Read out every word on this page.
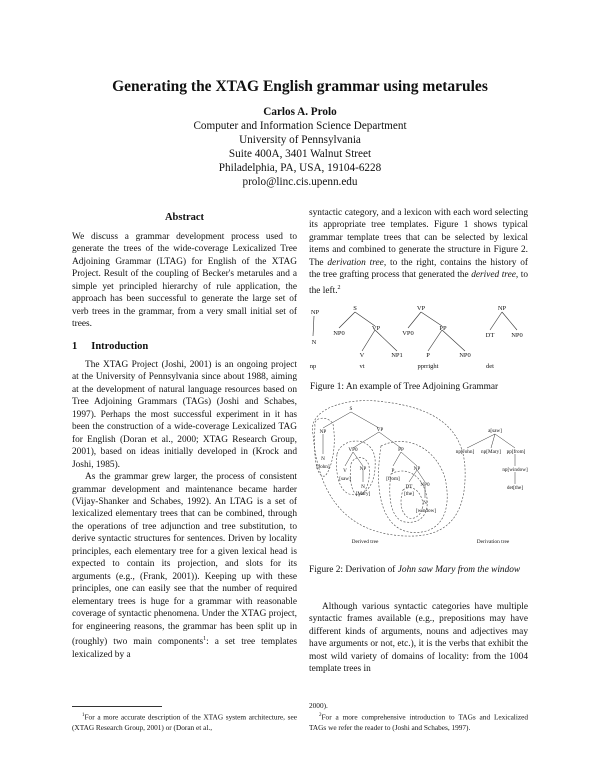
Generating the XTAG English grammar using metarules
Carlos A. Prolo
Computer and Information Science Department
University of Pennsylvania
Suite 400A, 3401 Walnut Street
Philadelphia, PA, USA, 19104-6228
prolo@linc.cis.upenn.edu
Abstract

We discuss a grammar development process used to generate the trees of the wide-coverage Lexicalized Tree Adjoining Grammar (LTAG) for English of the XTAG Project. Result of the coupling of Becker's metarules and a simple yet principled hierarchy of rule application, the approach has been successful to generate the large set of verb trees in the grammar, from a very small initial set of trees.

1 Introduction

The XTAG Project (Joshi, 2001) is an ongoing project at the University of Pennsylvania since about 1988, aiming at the development of natural language resources based on Tree Adjoining Grammars (TAGs) (Joshi and Schabes, 1997). Perhaps the most successful experiment in it has been the construction of a wide-coverage Lexicalized TAG for English (Doran et al., 2000; XTAG Research Group, 2001), based on ideas initially developed in (Krock and Joshi, 1985).

As the grammar grew larger, the process of consistent grammar development and maintenance became harder (Vijay-Shanker and Schabes, 1992). An LTAG is a set of lexicalized elementary trees that can be combined, through the operations of tree adjunction and tree substitution, to derive syntactic structures for sentences. Driven by locality principles, each elementary tree for a given lexical head is expected to contain its projection, and slots for its arguments (e.g., (Frank, 2001)). Keeping up with these principles, one can easily see that the number of required elementary trees is huge for a grammar with reasonable coverage of syntactic phenomena. Under the XTAG project, for engineering reasons, the grammar has been split up in (roughly) two main components$^1$: a set tree templates lexicalized by a

$^1$For a more accurate description of the XTAG system architecture, see (XTAG Research Group, 2001) or (Doran et al.,

syntactic category, and a lexicon with each word selecting its appropriate tree templates. Figure 1 shows typical grammar template trees that can be selected by lexical items and combined to generate the structure in Figure 2. The derivation tree, to the right, contains the history of the tree grafting process that generated the derived tree, to the left.$^2$

NP
N
np
S
NP0
VP
V	NP1
vt
VP
VP0
PP
P	NP0
pprright
NP
DT	NP0
det
Figure 1: An example of Tree Adjoining Grammar
S
NP	VP
N
[John]
VP0	PP
V
[saw]
NP	P
[from]
NP
N
[Mary]
DT
[the]
NP0
N
[window]
a[saw]
np[John] np[Mary] pp[from]
np[window]
det[the]
Derived tree	Derivation tree
Figure 2: Derivation of John saw Mary from the window

Although various syntactic categories have multiple syntactic frames available (e.g., prepositions may have different kinds of arguments, nouns and adjectives may have arguments or not, etc.), it is the verbs that exhibit the most wild variety of domains of locality: from the 1004 template trees in

2000).
$^2$For a more comprehensive introduction to TAGs and Lexicalized TAGs we refer the reader to (Joshi and Schabes, 1997).
